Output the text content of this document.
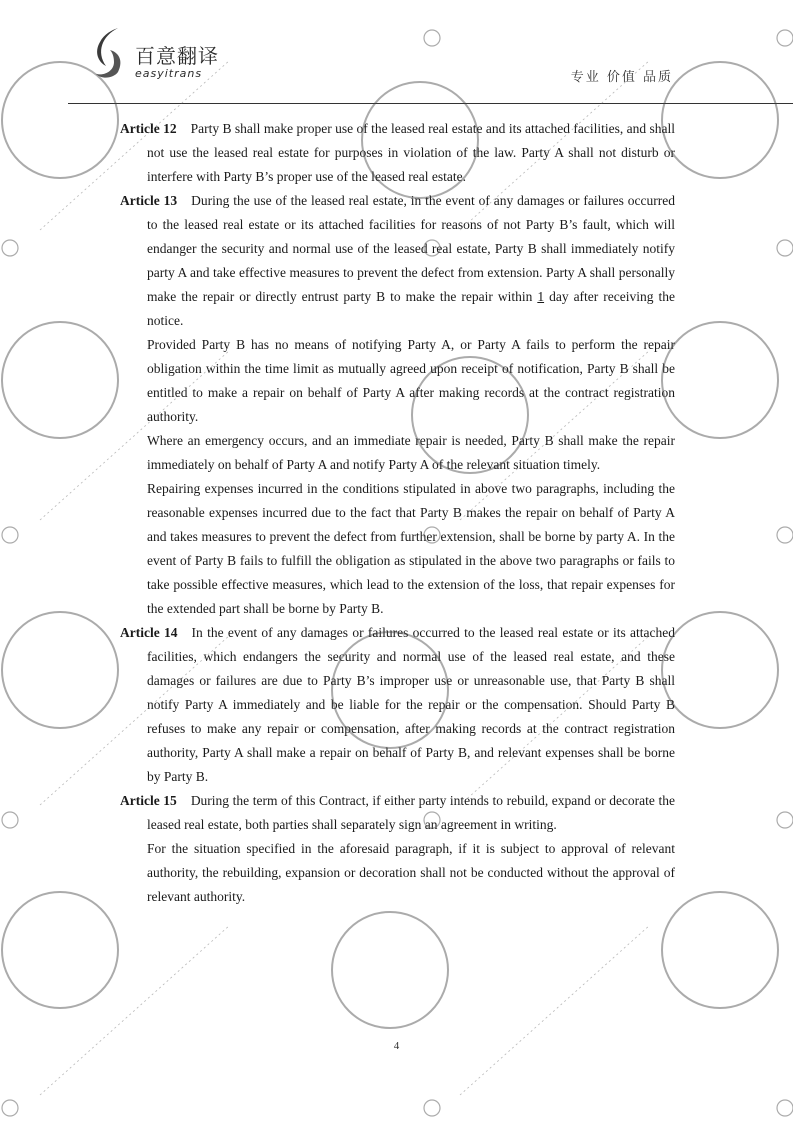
百意翻译
easyitrans	专业 价值 品质

Article 12 Party B shall make proper use of the leased real estate and its attached facilities, and shall not use the leased real estate for purposes in violation of the law. Party A shall not disturb or interfere with Party B’s proper use of the leased real estate.

Article 13 During the use of the leased real estate, in the event of any damages or failures occurred to the leased real estate or its attached facilities for reasons of not Party B’s fault, which will endanger the security and normal use of the leased real estate, Party B shall immediately notify party A and take effective measures to prevent the defect from extension. Party A shall personally make the repair or directly entrust party B to make the repair within 1 day after receiving the notice.

Provided Party B has no means of notifying Party A, or Party A fails to perform the repair obligation within the time limit as mutually agreed upon receipt of notification, Party B shall be entitled to make a repair on behalf of Party A after making records at the contract registration authority.

Where an emergency occurs, and an immediate repair is needed, Party B shall make the repair immediately on behalf of Party A and notify Party A of the relevant situation timely.

Repairing expenses incurred in the conditions stipulated in above two paragraphs, including the reasonable expenses incurred due to the fact that Party B makes the repair on behalf of Party A and takes measures to prevent the defect from further extension, shall be borne by party A. In the event of Party B fails to fulfill the obligation as stipulated in the above two paragraphs or fails to take possible effective measures, which lead to the extension of the loss, that repair expenses for the extended part shall be borne by Party B.

Article 14 In the event of any damages or failures occurred to the leased real estate or its attached facilities, which endangers the security and normal use of the leased real estate, and these damages or failures are due to Party B’s improper use or unreasonable use, that Party B shall notify Party A immediately and be liable for the repair or the compensation. Should Party B refuses to make any repair or compensation, after making records at the contract registration authority, Party A shall make a repair on behalf of Party B, and relevant expenses shall be borne by Party B.

Article 15 During the term of this Contract, if either party intends to rebuild, expand or decorate the leased real estate, both parties shall separately sign an agreement in writing.

For the situation specified in the aforesaid paragraph, if it is subject to approval of relevant authority, the rebuilding, expansion or decoration shall not be conducted without the approval of relevant authority.

4
